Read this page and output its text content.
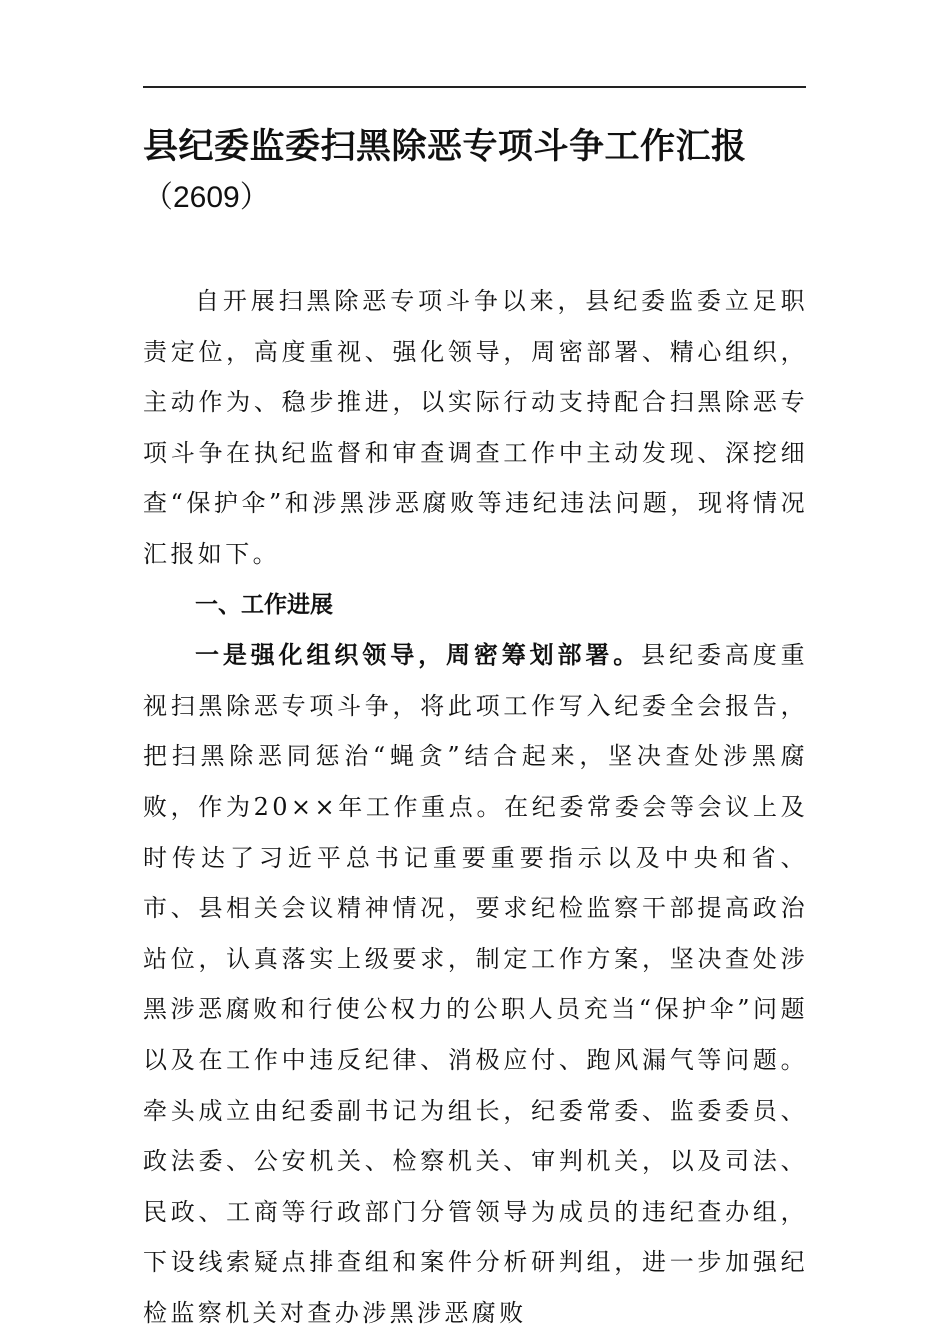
县纪委监委扫黑除恶专项斗争工作汇报
（2609）

自开展扫黑除恶专项斗争以来，县纪委监委立足职责定位，高度重视、强化领导，周密部署、精心组织，主动作为、稳步推进，以实际行动支持配合扫黑除恶专项斗争在执纪监督和审查调查工作中主动发现、深挖细查“保护伞”和涉黑涉恶腐败等违纪违法问题，现将情况汇报如下。

一、工作进展

一是强化组织领导，周密筹划部署。县纪委高度重视扫黑除恶专项斗争，将此项工作写入纪委全会报告，把扫黑除恶同惩治“蝇贪”结合起来，坚决查处涉黑腐败，作为20××年工作重点。在纪委常委会等会议上及时传达了习近平总书记重要重要指示以及中央和省、市、县相关会议精神情况，要求纪检监察干部提高政治站位，认真落实上级要求，制定工作方案，坚决查处涉黑涉恶腐败和行使公权力的公职人员充当“保护伞”问题以及在工作中违反纪律、消极应付、跑风漏气等问题。牵头成立由纪委副书记为组长，纪委常委、监委委员、政法委、公安机关、检察机关、审判机关，以及司法、民政、工商等行政部门分管领导为成员的违纪查办组，下设线索疑点排查组和案件分析研判组，进一步加强纪检监察机关对查办涉黑涉恶腐败
